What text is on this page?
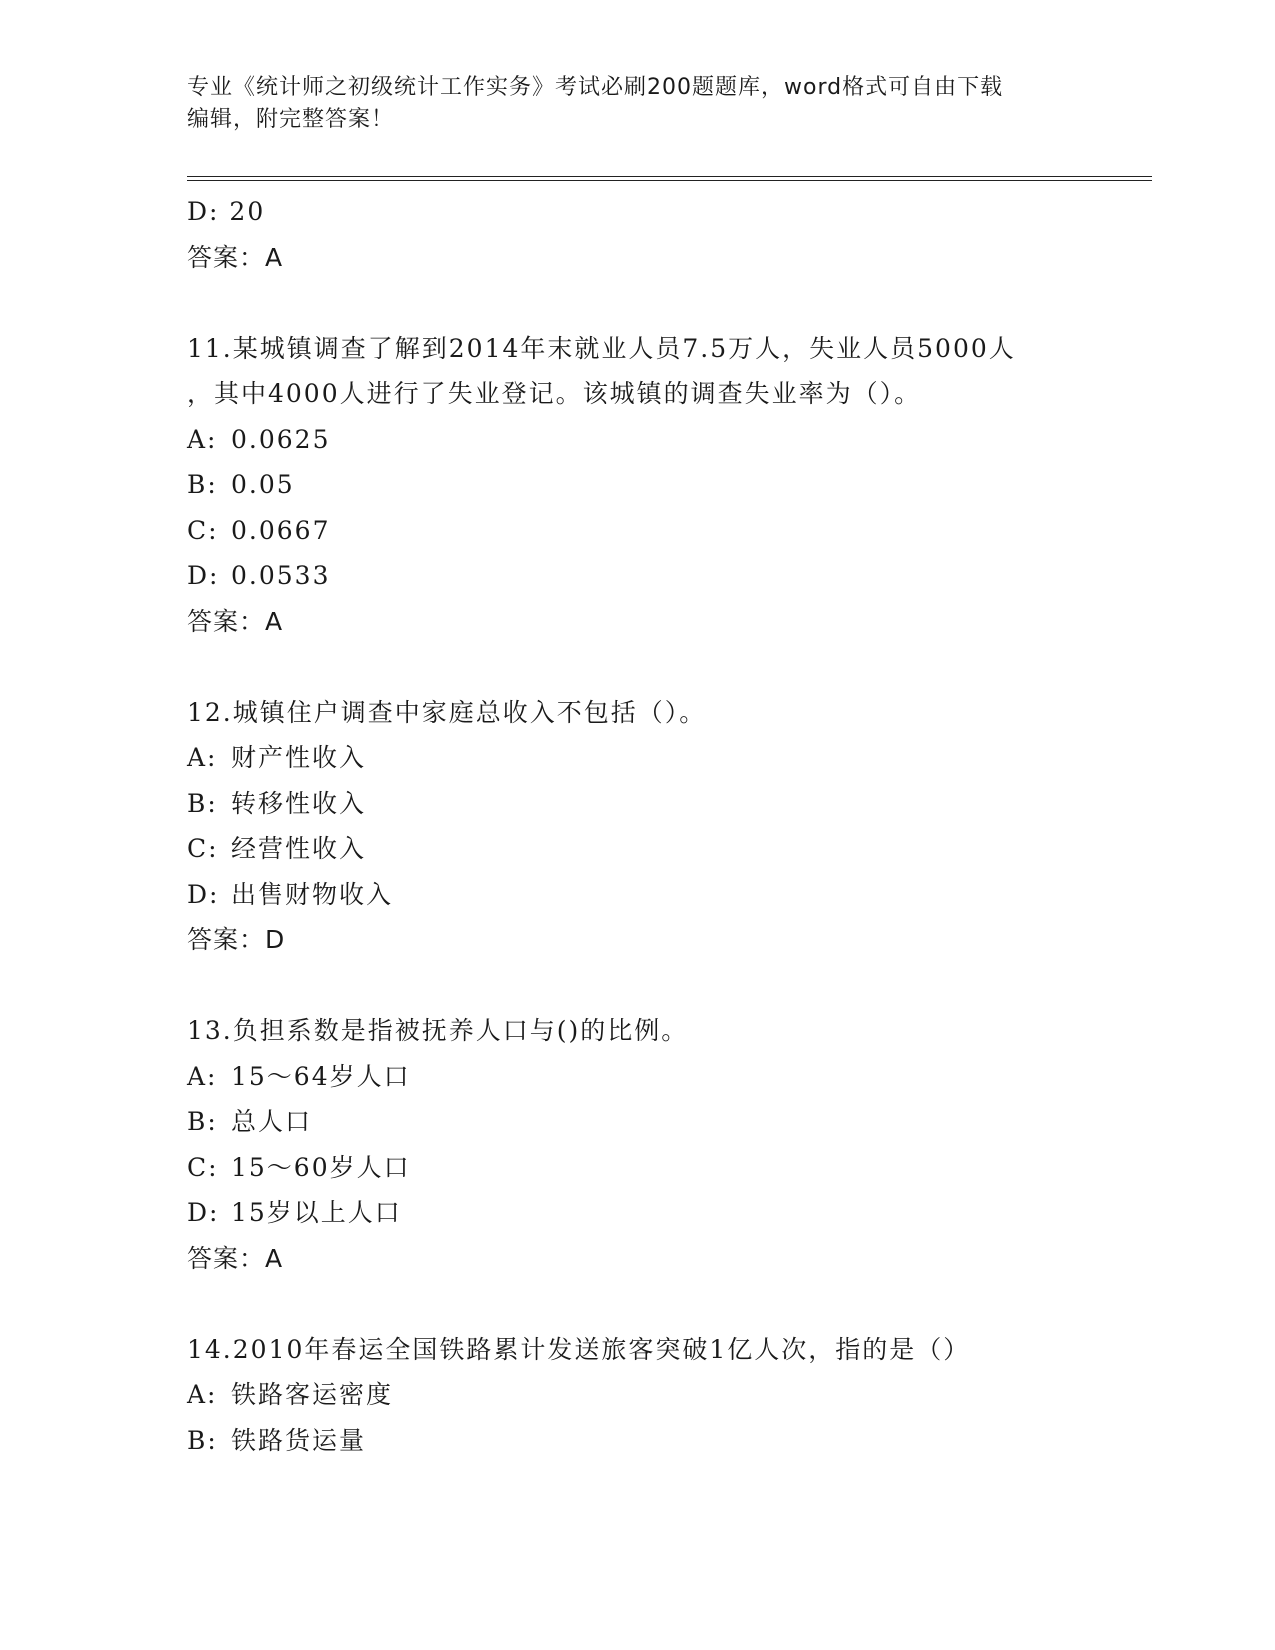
专业《统计师之初级统计工作实务》考试必刷200题题库，word格式可自由下载
编辑，附完整答案！
D: 20
答案：A
11.某城镇调查了解到2014年末就业人员7.5万人，失业人员5000人
，其中4000人进行了失业登记。该城镇的调查失业率为（）。
A: 0.0625
B: 0.05
C: 0.0667
D: 0.0533
答案：A
12.城镇住户调查中家庭总收入不包括（）。
A: 财产性收入
B: 转移性收入
C: 经营性收入
D: 出售财物收入
答案：D
13.负担系数是指被抚养人口与()的比例。
A: 15～64岁人口
B: 总人口
C: 15～60岁人口
D: 15岁以上人口
答案：A
14.2010年春运全国铁路累计发送旅客突破1亿人次，指的是（）
A: 铁路客运密度
B: 铁路货运量
